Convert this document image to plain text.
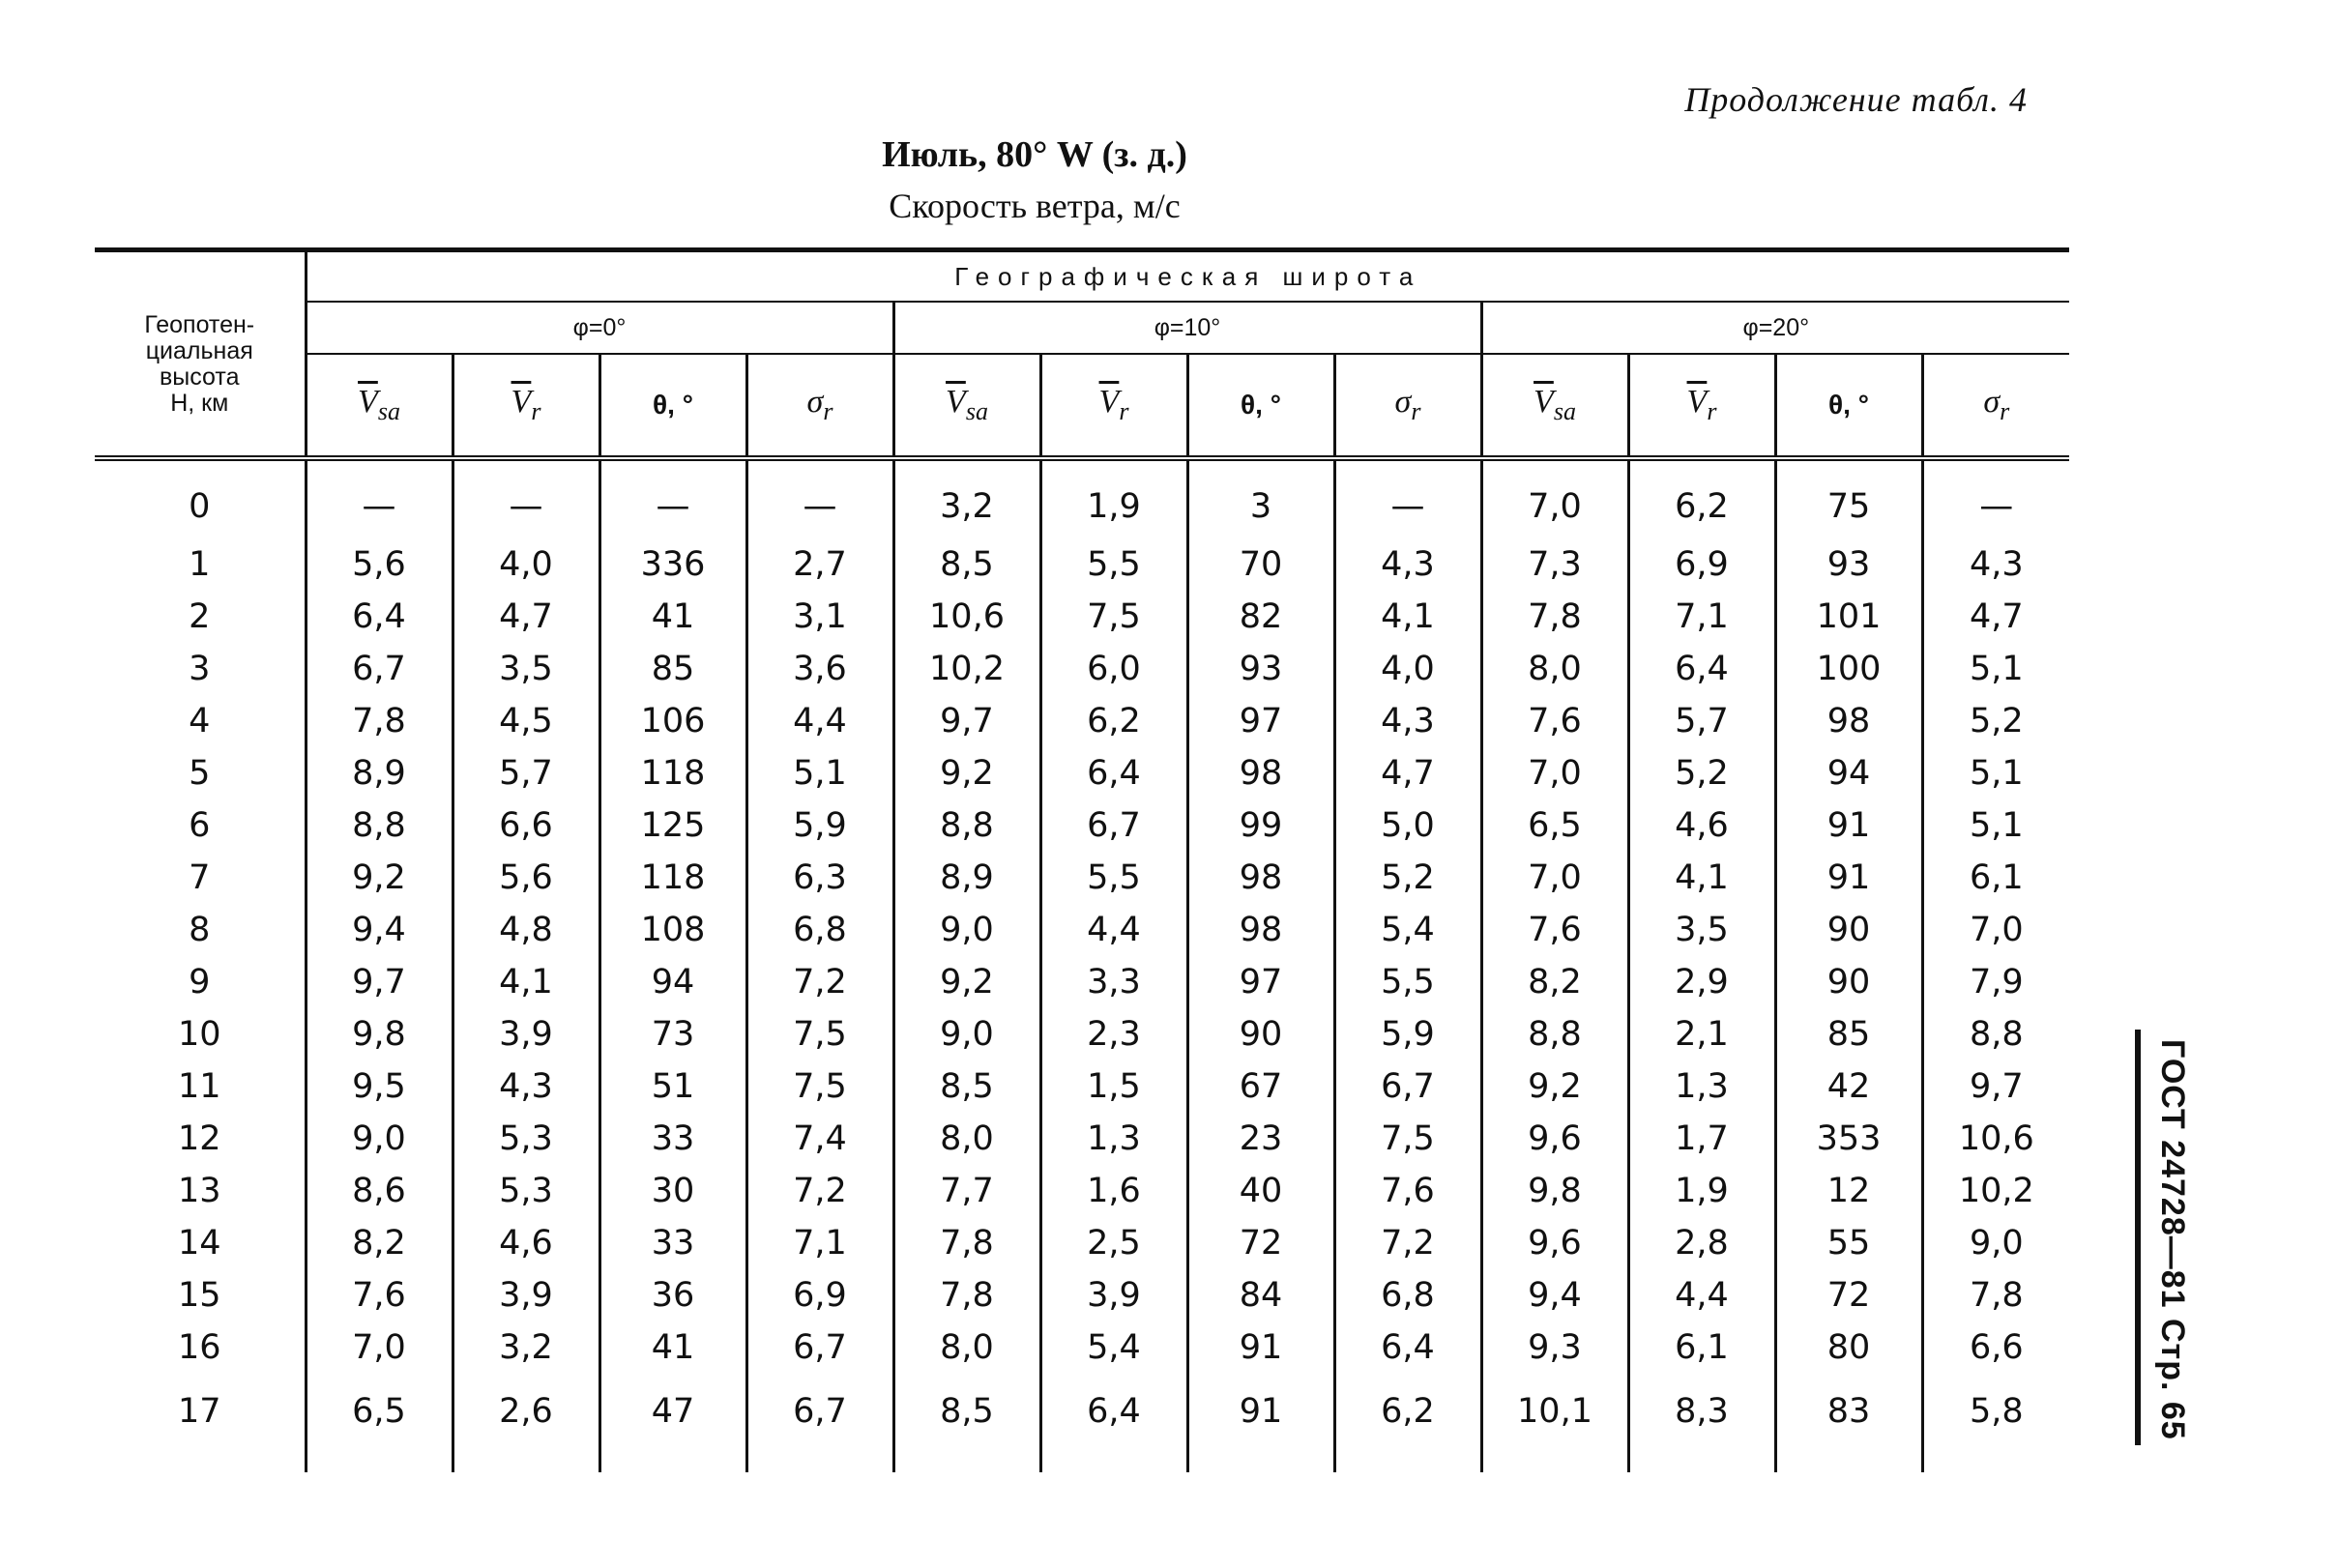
Продолжение табл. 4
Июль, 80° W (з. д.)
Скорость ветра, м/с
Геопотен-
циальная
высота
H, км	Географическая широта											
	φ=0°				φ=10°				φ=20°			
	$\overline{V}_{sa}$	$\overline{V}_r$	θ, °	$\sigma_r$	$\overline{V}_{sa}$	$\overline{V}_r$	θ, °	$\sigma_r$	$\overline{V}_{sa}$	$\overline{V}_r$	θ, °	$\sigma_r$
0	—	—	—	—	3,2	1,9	3	—	7,0	6,2	75	—
1	5,6	4,0	336	2,7	8,5	5,5	70	4,3	7,3	6,9	93	4,3
2	6,4	4,7	41	3,1	10,6	7,5	82	4,1	7,8	7,1	101	4,7
3	6,7	3,5	85	3,6	10,2	6,0	93	4,0	8,0	6,4	100	5,1
4	7,8	4,5	106	4,4	9,7	6,2	97	4,3	7,6	5,7	98	5,2
5	8,9	5,7	118	5,1	9,2	6,4	98	4,7	7,0	5,2	94	5,1
6	8,8	6,6	125	5,9	8,8	6,7	99	5,0	6,5	4,6	91	5,1
7	9,2	5,6	118	6,3	8,9	5,5	98	5,2	7,0	4,1	91	6,1
8	9,4	4,8	108	6,8	9,0	4,4	98	5,4	7,6	3,5	90	7,0
9	9,7	4,1	94	7,2	9,2	3,3	97	5,5	8,2	2,9	90	7,9
10	9,8	3,9	73	7,5	9,0	2,3	90	5,9	8,8	2,1	85	8,8
11	9,5	4,3	51	7,5	8,5	1,5	67	6,7	9,2	1,3	42	9,7
12	9,0	5,3	33	7,4	8,0	1,3	23	7,5	9,6	1,7	353	10,6
13	8,6	5,3	30	7,2	7,7	1,6	40	7,6	9,8	1,9	12	10,2
14	8,2	4,6	33	7,1	7,8	2,5	72	7,2	9,6	2,8	55	9,0
15	7,6	3,9	36	6,9	7,8	3,9	84	6,8	9,4	4,4	72	7,8
16	7,0	3,2	41	6,7	8,0	5,4	91	6,4	9,3	6,1	80	6,6
17	6,5	2,6	47	6,7	8,5	6,4	91	6,2	10,1	8,3	83	5,8	ГОСТ 24728—81 Стр. 65
